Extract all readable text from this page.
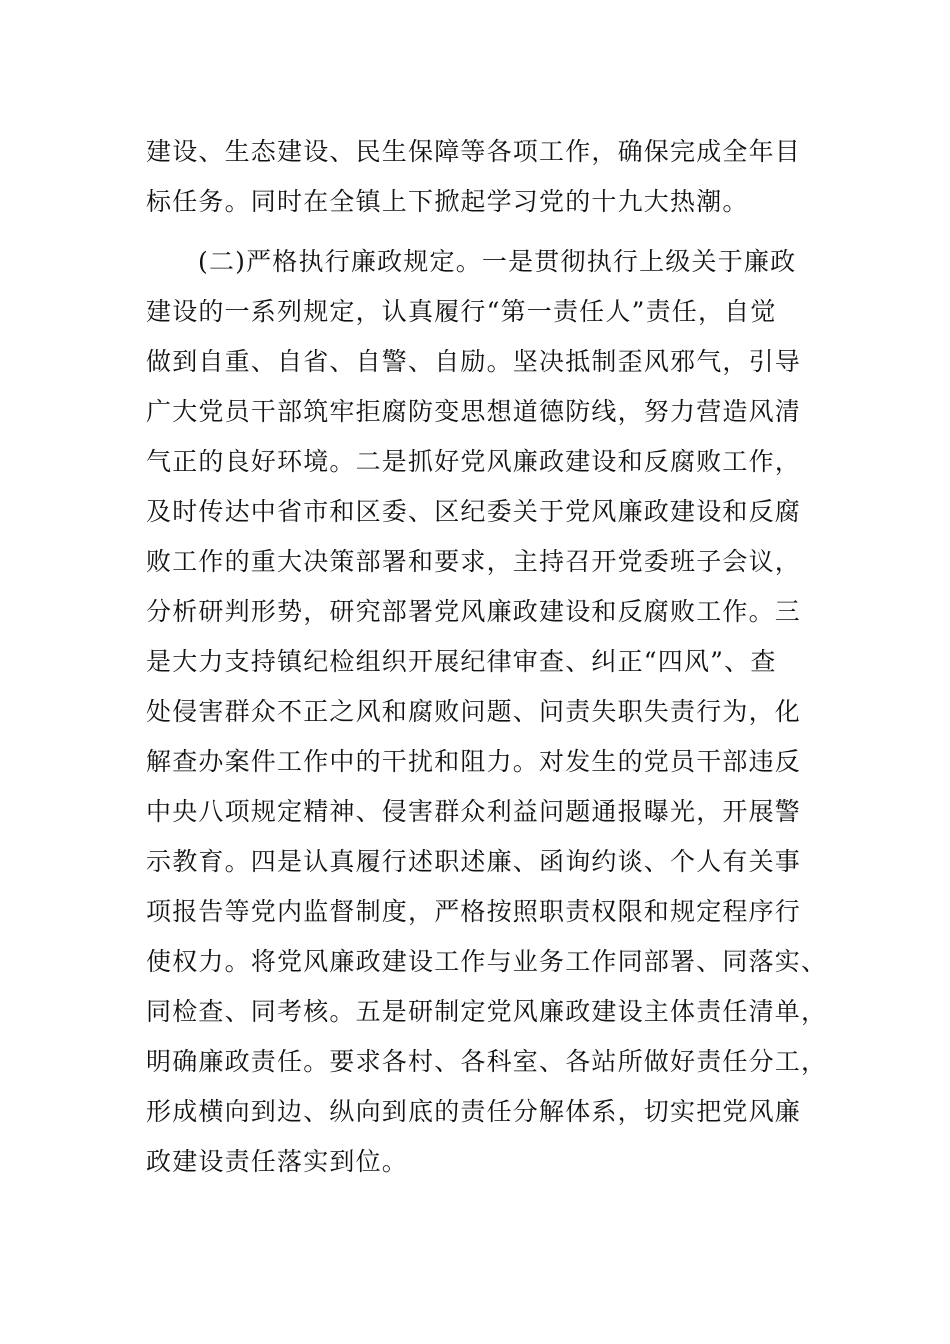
建设、生态建设、民生保障等各项工作，确保完成全年目
标任务。同时在全镇上下掀起学习党的十九大热潮。
(二)严格执行廉政规定。一是贯彻执行上级关于廉政
建设的一系列规定，认真履行“第一责任人”责任，自觉
做到自重、自省、自警、自励。坚决抵制歪风邪气，引导
广大党员干部筑牢拒腐防变思想道德防线，努力营造风清
气正的良好环境。二是抓好党风廉政建设和反腐败工作，
及时传达中省市和区委、区纪委关于党风廉政建设和反腐
败工作的重大决策部署和要求，主持召开党委班子会议，
分析研判形势，研究部署党风廉政建设和反腐败工作。三
是大力支持镇纪检组织开展纪律审查、纠正“四风”、查
处侵害群众不正之风和腐败问题、问责失职失责行为，化
解查办案件工作中的干扰和阻力。对发生的党员干部违反
中央八项规定精神、侵害群众利益问题通报曝光，开展警
示教育。四是认真履行述职述廉、函询约谈、个人有关事
项报告等党内监督制度，严格按照职责权限和规定程序行
使权力。将党风廉政建设工作与业务工作同部署、同落实、
同检查、同考核。五是研制定党风廉政建设主体责任清单，
明确廉政责任。要求各村、各科室、各站所做好责任分工，
形成横向到边、纵向到底的责任分解体系，切实把党风廉
政建设责任落实到位。
